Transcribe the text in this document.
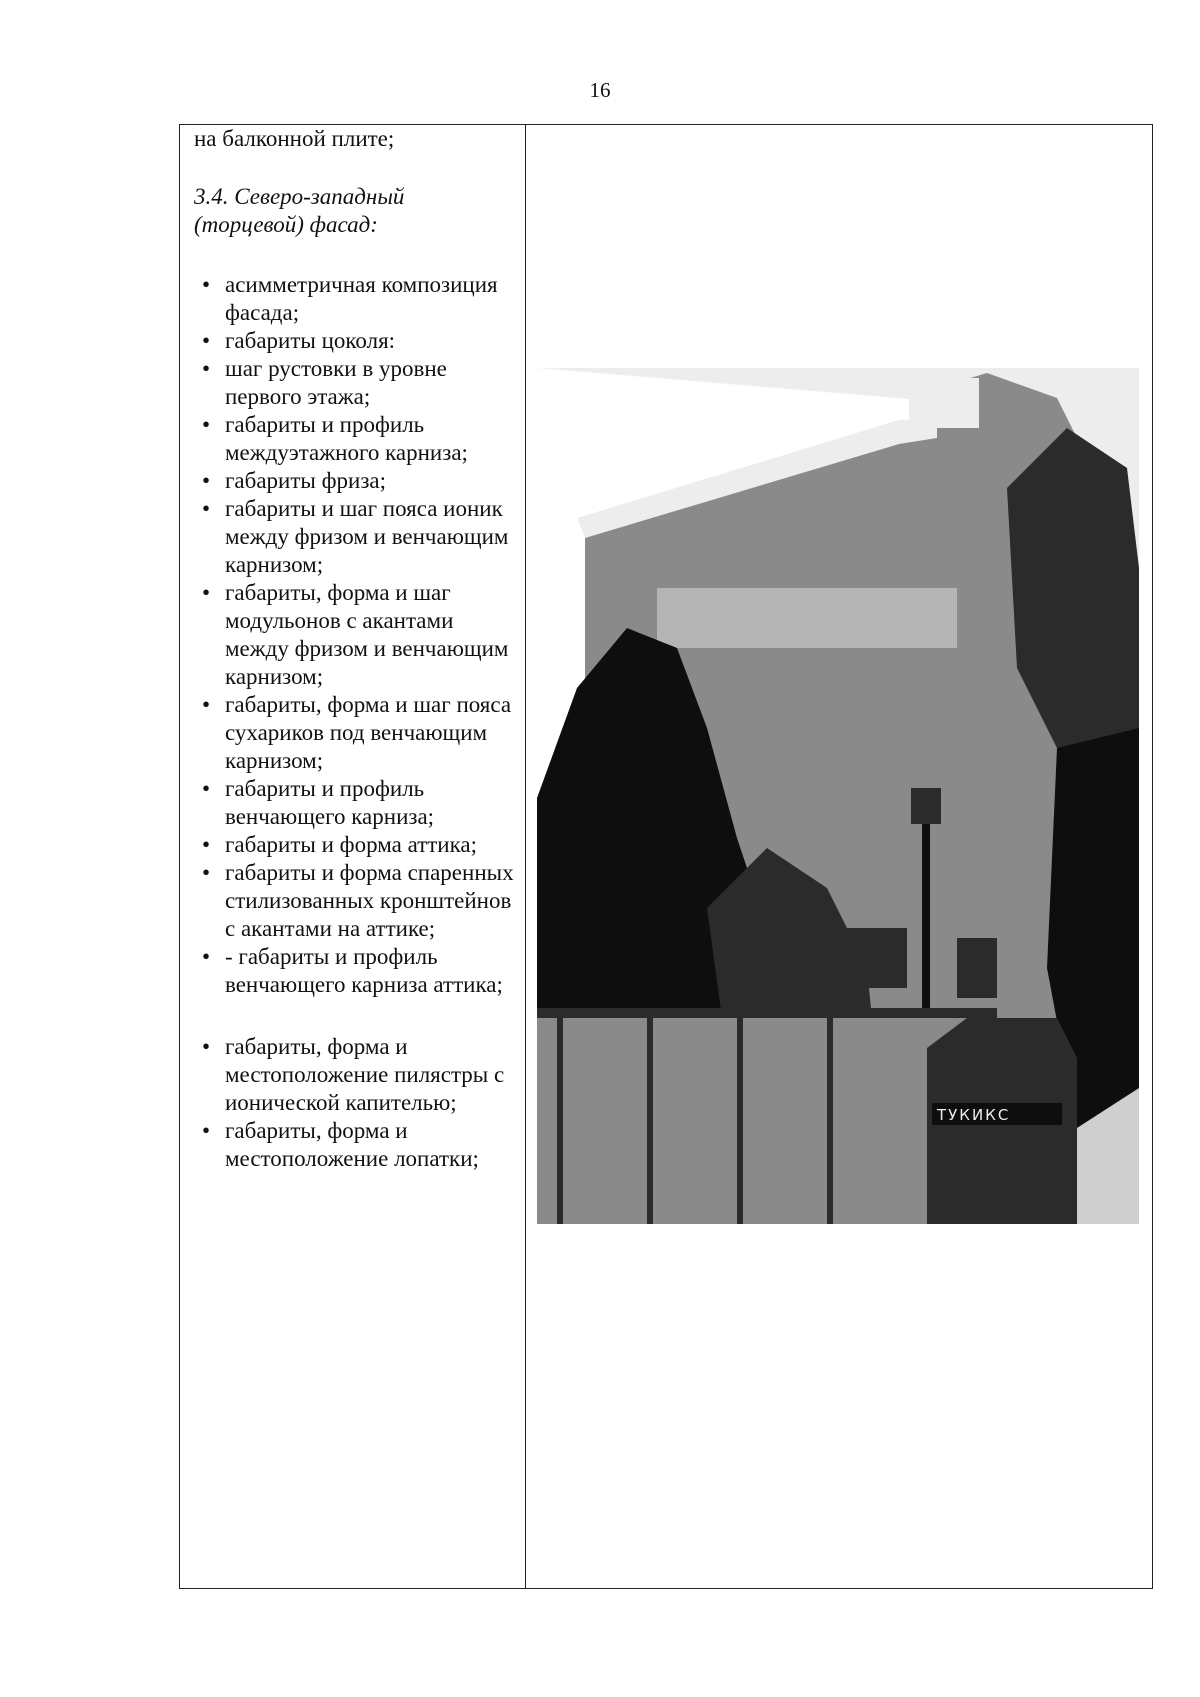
16

на балконной плите;

3.4. Северо-западный (торцевой) фасад:

• асимметричная композиция фасада;
• габариты цоколя:
• шаг рустовки в уровне первого этажа;
• габариты и профиль междуэтажного карниза;
• габариты фриза;
• габариты и шаг пояса ионик между фризом и венчающим карнизом;
• габариты, форма и шаг модульонов с акантами между фризом и венчающим карнизом;
• габариты, форма и шаг пояса сухариков под венчающим карнизом;
• габариты и профиль венчающего карниза;
• габариты и форма аттика;
• габариты и форма спаренных стилизованных кронштейнов с акантами на аттике;
• - габариты и профиль венчающего карниза аттика;
• габариты, форма и местоположение пилястры с ионической капителью;
• габариты, форма и местоположение лопатки;
ТУКИКС
